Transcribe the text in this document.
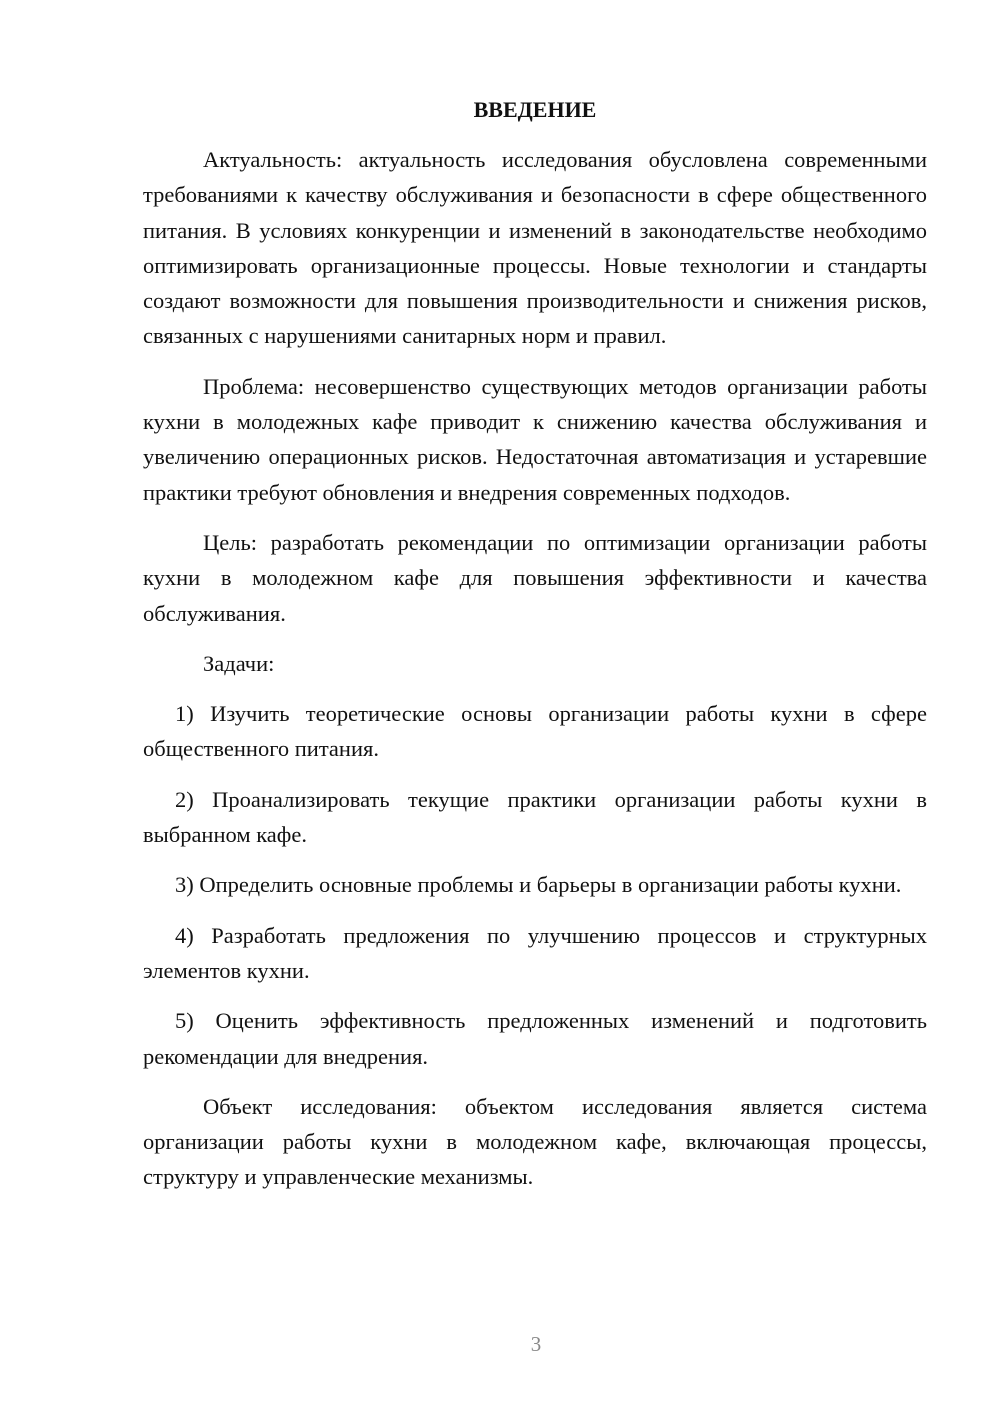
ВВЕДЕНИЕ

Актуальность: актуальность исследования обусловлена современными требованиями к качеству обслуживания и безопасности в сфере общественного питания. В условиях конкуренции и изменений в законодательстве необходимо оптимизировать организационные процессы. Новые технологии и стандарты создают возможности для повышения производительности и снижения рисков, связанных с нарушениями санитарных норм и правил.

Проблема: несовершенство существующих методов организации работы кухни в молодежных кафе приводит к снижению качества обслуживания и увеличению операционных рисков. Недостаточная автоматизация и устаревшие практики требуют обновления и внедрения современных подходов.

Цель: разработать рекомендации по оптимизации организации работы кухни в молодежном кафе для повышения эффективности и качества обслуживания.

Задачи:

1) Изучить теоретические основы организации работы кухни в сфере общественного питания.

2) Проанализировать текущие практики организации работы кухни в выбранном кафе.

3) Определить основные проблемы и барьеры в организации работы кухни.

4) Разработать предложения по улучшению процессов и структурных элементов кухни.

5) Оценить эффективность предложенных изменений и подготовить рекомендации для внедрения.

Объект исследования: объектом исследования является система организации работы кухни в молодежном кафе, включающая процессы, структуру и управленческие механизмы.

3
